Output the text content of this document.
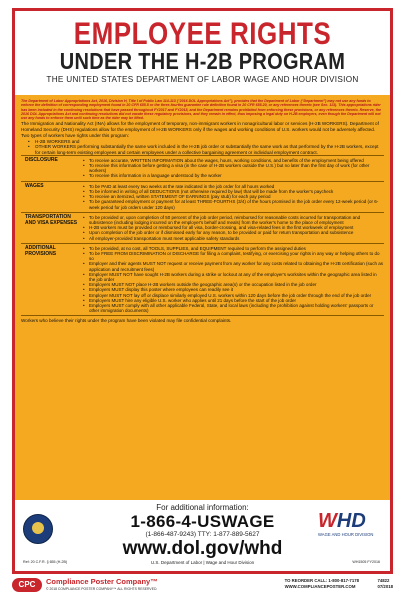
EMPLOYEE RIGHTS
UNDER THE H-2B PROGRAM
THE UNITED STATES DEPARTMENT OF LABOR WAGE AND HOUR DIVISION

The Department of Labor Appropriations Act, 2016, Division H, Title I of Public Law 114-113 ("2016 DOL Appropriations Act"), provides that the Department of Labor ("Department") may not use any funds to enforce the definition of corresponding employment found in 20 CFR 655.5 or the three-fourths guarantee rule definition found in 20 CFR 655.20, or any references thereto (see Sec. 113). This appropriations rider has been included in the continuing resolutions that have passed throughout FY2017 and FY2018, and the Department remains prohibited from enforcing these provisions, or any references thereto. Reserve, the 2016 DOL Appropriations Act and continuing resolutions did not vacate these regulatory provisions, and they remain in effect, thus imposing a legal duty on H-2B employers, even though the Department will not use any funds to enforce them until such time as the rider may be lifted.

The Immigration and Nationality Act (INA) allows for the employment of temporary, non-immigrant workers in nonagricultural labor or services (H-2B WORKERS). Department of Homeland Security (DHS) regulations allow for the employment of H-2B WORKERS only if the wages and working conditions of U.S. workers would not be adversely affected.

Two types of workers have rights under this program:

• H-2B WORKERS and
• OTHER WORKERS performing substantially the same work included in the H-2B job order or substantially the same work as that performed by the H-2B workers, except for certain long-term existing employees and certain employees under a collective bargaining agreement or individual employment contract.
DISCLOSURE	• To receive accurate, WRITTEN INFORMATION about the wages, hours, working conditions, and benefits of the employment being offered
• To receive this information before getting a visa (in the case of H-2B workers outside the U.S.) but no later than the first day of work (for other workers)
• To receive this information in a language understood by the worker
WAGES	• To be PAID at least every two weeks at the rate indicated in the job order for all hours worked
• To be informed in writing of all DEDUCTIONS (not otherwise required by law) that will be made from the worker's paycheck
• To receive an itemized, written STATEMENT OF EARNINGS (pay stub) for each pay period
• To be guaranteed employment or payment for at least THREE-FOURTHS (3/4) of the hours promised in the job order every 12-week period (or 6-week period for job orders under 120 days)
TRANSPORTATION AND VISA EXPENSES
• To be provided or, upon completion of 50 percent of the job order period, reimbursed for reasonable costs incurred for transportation and subsistence (including lodging incurred on the employer's behalf and meals) from the worker's home to the place of employment
• H-2B workers must be provided or reimbursed for all visa, border-crossing, and visa-related fees in the first workweek of employment
• Upon completion of the job order or if dismissed early for any reason, to be provided or paid for return transportation and subsistence
• All employer-provided transportation must meet applicable safety standards
ADDITIONAL PROVISIONS
• To be provided, at no cost, all TOOLS, SUPPLIES, and EQUIPMENT required to perform the assigned duties
• To be FREE FROM DISCRIMINATION or DISCHARGE for filing a complaint, testifying, or exercising your rights in any way or helping others to do so
• Employer and their agents MUST NOT request or receive payment from any worker for any costs related to obtaining the H-2B certification (such as application and recruitment fees)
• Employer MUST NOT have sought H-2B workers during a strike or lockout at any of the employer's worksites within the geographic area listed in the job order
• Employers MUST NOT place H-2B workers outside the geographic area(s) or the occupation listed in the job order
• Employers MUST display this poster where employees can readily see it
• Employer MUST NOT lay off or displace similarly employed U.S. workers within 120 days before the job order through the end of the job order
• Employers MUST hire any eligible U.S. worker who applies until 21 days before the start of the job order
• Employers MUST comply with all other applicable Federal, State, and local laws (including the prohibition against holding workers' passports or other immigration documents)
Workers who believe their rights under the program have been violated may file confidential complaints.
For additional information:
1-866-4-USWAGE
(1-866-487-9243) TTY: 1-877-889-5627
www.dol.gov/whd
U.S. Department of Labor | Wage and Hour Division
WHD
WAGE AND HOUR DIVISION
WH1505 FY2016
Ref: 20 C.F.R. § 655 (H-2B)
CPC	Compliance Poster Company™
© 2018 COMPLIANCE POSTER COMPANY™ ALL RIGHTS RESERVED.
TO REORDER CALL: 1-800-817-7178
WWW.COMPLIANCEPOSTER.COM
74822
07/2018
